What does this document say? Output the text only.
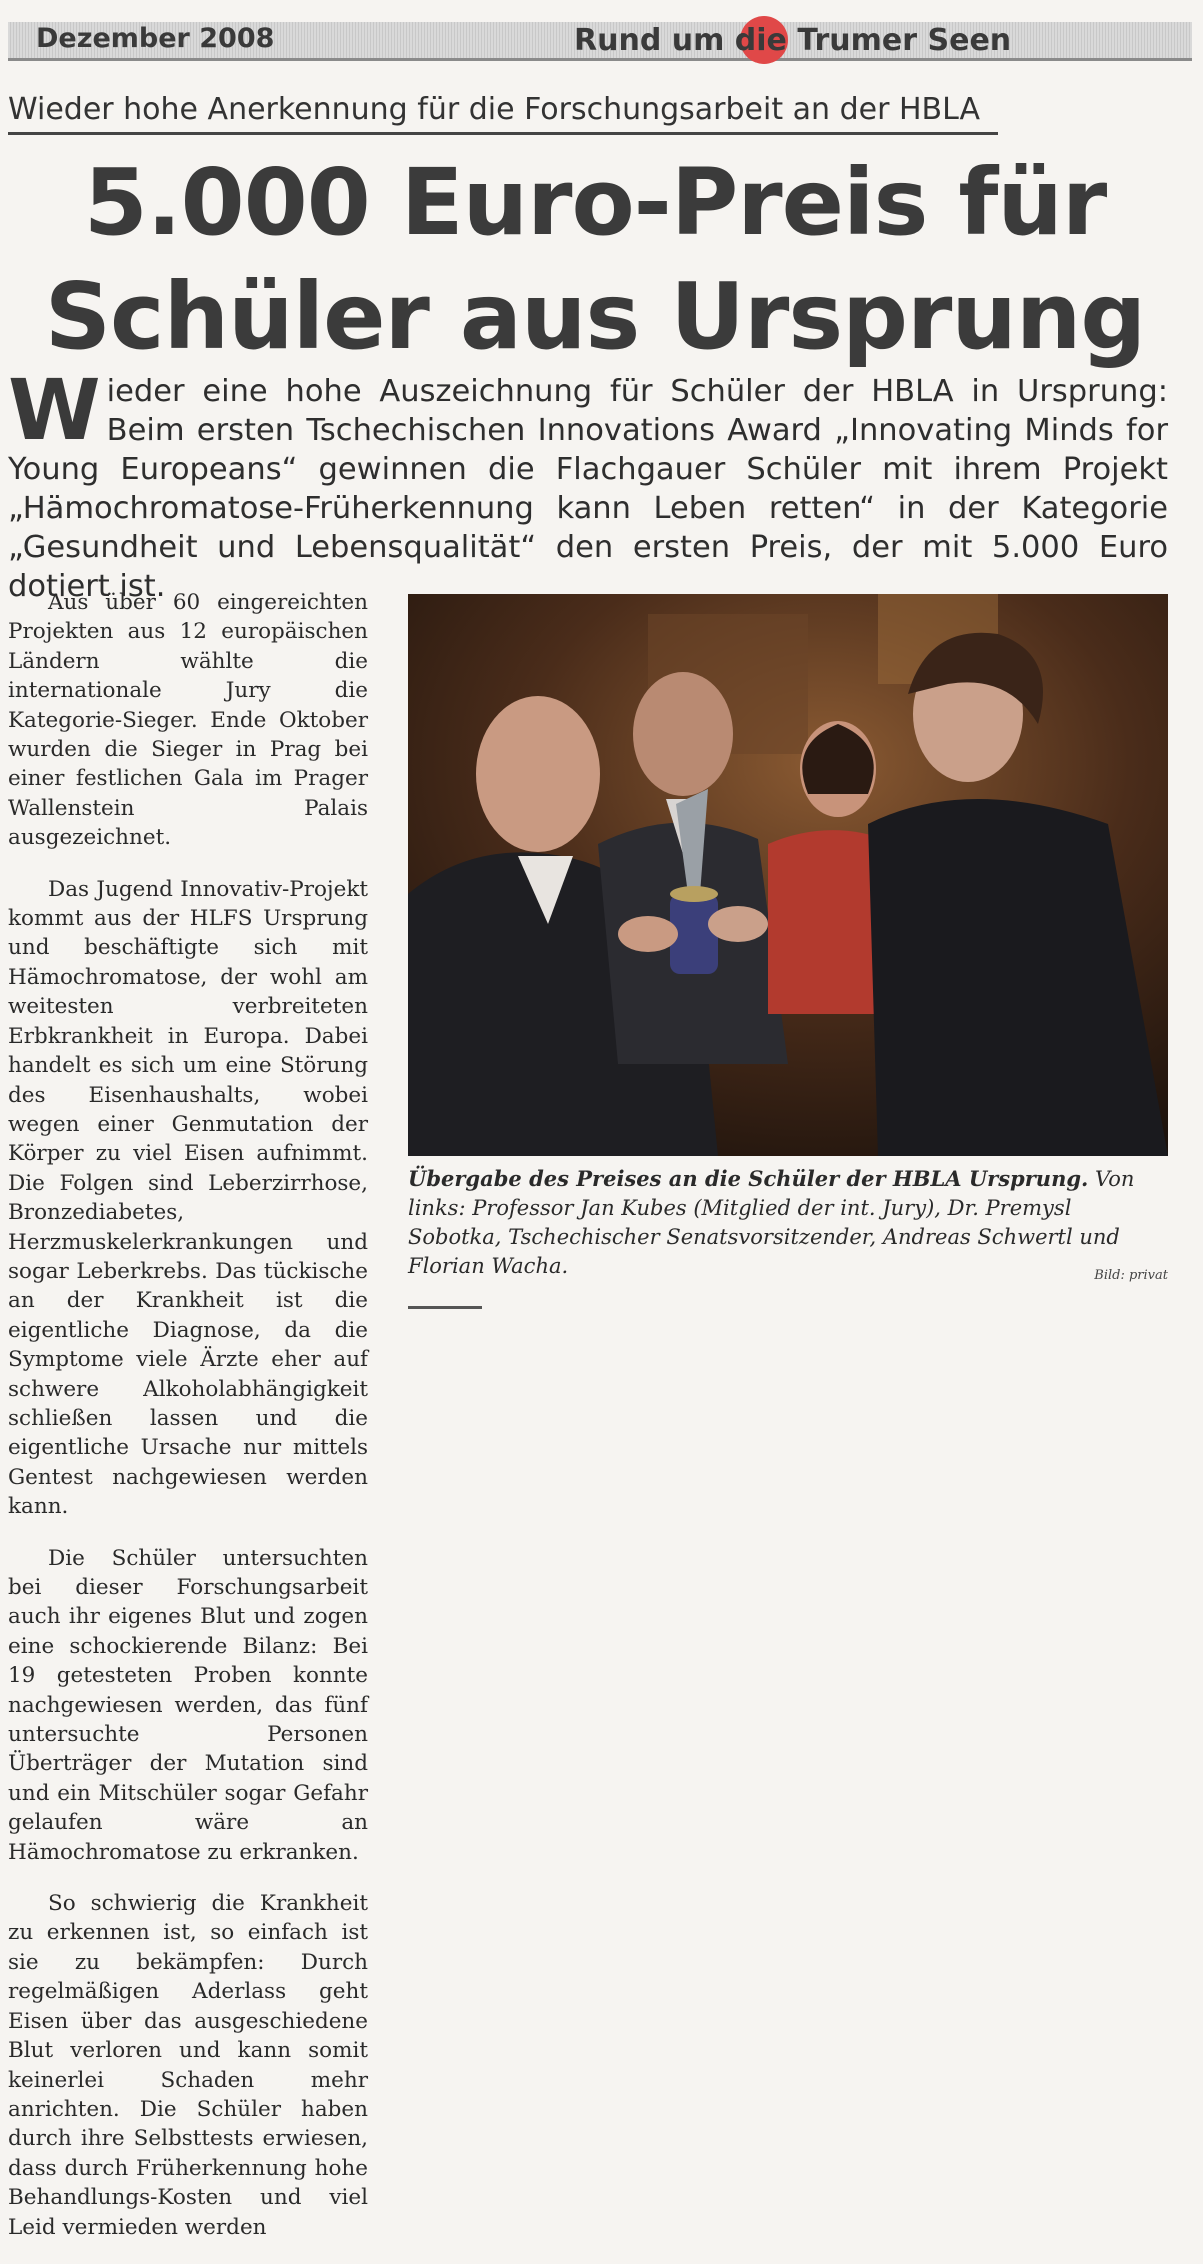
Dezember 2008	Rund um die Trumer Seen
Wieder hohe Anerkennung für die Forschungsarbeit an der HBLA
5.000 Euro-Preis für
Schüler aus Ursprung
Wieder eine hohe Auszeichnung für Schüler der HBLA in Ursprung: Beim ersten Tschechischen Innovations Award „Innovating Minds for Young Europeans“ gewinnen die Flachgauer Schüler mit ihrem Projekt „Hämochromatose-Früherkennung kann Leben retten“ in der Kategorie „Gesundheit und Lebensqualität“ den ersten Preis, der mit 5.000 Euro dotiert ist.

Aus über 60 eingereichten Projekten aus 12 europäischen Ländern wählte die internationale Jury die Kategorie-Sieger. Ende Oktober wurden die Sieger in Prag bei einer festlichen Gala im Prager Wallenstein Palais ausgezeichnet.

Das Jugend Innovativ-Projekt kommt aus der HLFS Ursprung und beschäftigte sich mit Hämochromatose, der wohl am weitesten verbreiteten Erbkrankheit in Europa. Dabei handelt es sich um eine Störung des Eisenhaushalts, wobei wegen einer Genmutation der Körper zu viel Eisen aufnimmt. Die Folgen sind Leberzirrhose, Bronzediabetes, Herzmuskelerkrankungen und sogar Leberkrebs. Das tückische an der Krankheit ist die eigentliche Diagnose, da die Symptome viele Ärzte eher auf schwere Alkoholabhängigkeit schließen lassen und die eigentliche Ursache nur mittels Gentest nachgewiesen werden kann.

Die Schüler untersuchten bei dieser Forschungsarbeit auch ihr eigenes Blut und zogen eine schockierende Bilanz: Bei 19 getesteten Proben konnte nachgewiesen werden, das fünf untersuchte Personen Überträger der Mutation sind und ein Mitschüler sogar Gefahr gelaufen wäre an Hämochromatose zu erkranken.

So schwierig die Krankheit zu erkennen ist, so einfach ist sie zu bekämpfen: Durch regelmäßigen Aderlass geht Eisen über das ausgeschiedene Blut verloren und kann somit keinerlei Schaden mehr anrichten. Die Schüler haben durch ihre Selbsttests erwiesen, dass durch Früherkennung hohe Behandlungs-Kosten und viel Leid vermieden werden

Übergabe des Preises an die Schüler der HBLA Ursprung. Von links: Professor Jan Kubes (Mitglied der int. Jury), Dr. Premysl Sobotka, Tschechischer Senatsvorsitzender, Andreas Schwertl und Florian Wacha.	Bild: privat
